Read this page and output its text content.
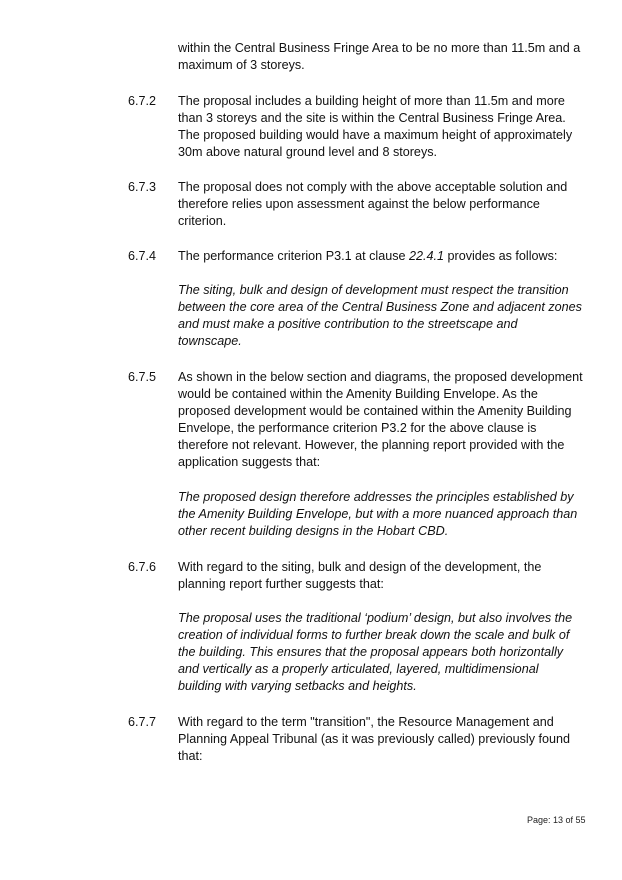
within the Central Business Fringe Area to be no more than 11.5m and a maximum of 3 storeys.
6.7.2	The proposal includes a building height of more than 11.5m and more than 3 storeys and the site is within the Central Business Fringe Area. The proposed building would have a maximum height of approximately 30m above natural ground level and 8 storeys.
6.7.3	The proposal does not comply with the above acceptable solution and therefore relies upon assessment against the below performance criterion.
6.7.4	The performance criterion P3.1 at clause 22.4.1 provides as follows:
The siting, bulk and design of development must respect the transition between the core area of the Central Business Zone and adjacent zones and must make a positive contribution to the streetscape and townscape.
6.7.5	As shown in the below section and diagrams, the proposed development would be contained within the Amenity Building Envelope. As the proposed development would be contained within the Amenity Building Envelope, the performance criterion P3.2 for the above clause is therefore not relevant. However, the planning report provided with the application suggests that:
The proposed design therefore addresses the principles established by the Amenity Building Envelope, but with a more nuanced approach than other recent building designs in the Hobart CBD.
6.7.6	With regard to the siting, bulk and design of the development, the planning report further suggests that:
The proposal uses the traditional ‘podium’ design, but also involves the creation of individual forms to further break down the scale and bulk of the building. This ensures that the proposal appears both horizontally and vertically as a properly articulated, layered, multidimensional building with varying setbacks and heights.
6.7.7	With regard to the term "transition", the Resource Management and Planning Appeal Tribunal (as it was previously called) previously found that:
Page: 13 of 55
